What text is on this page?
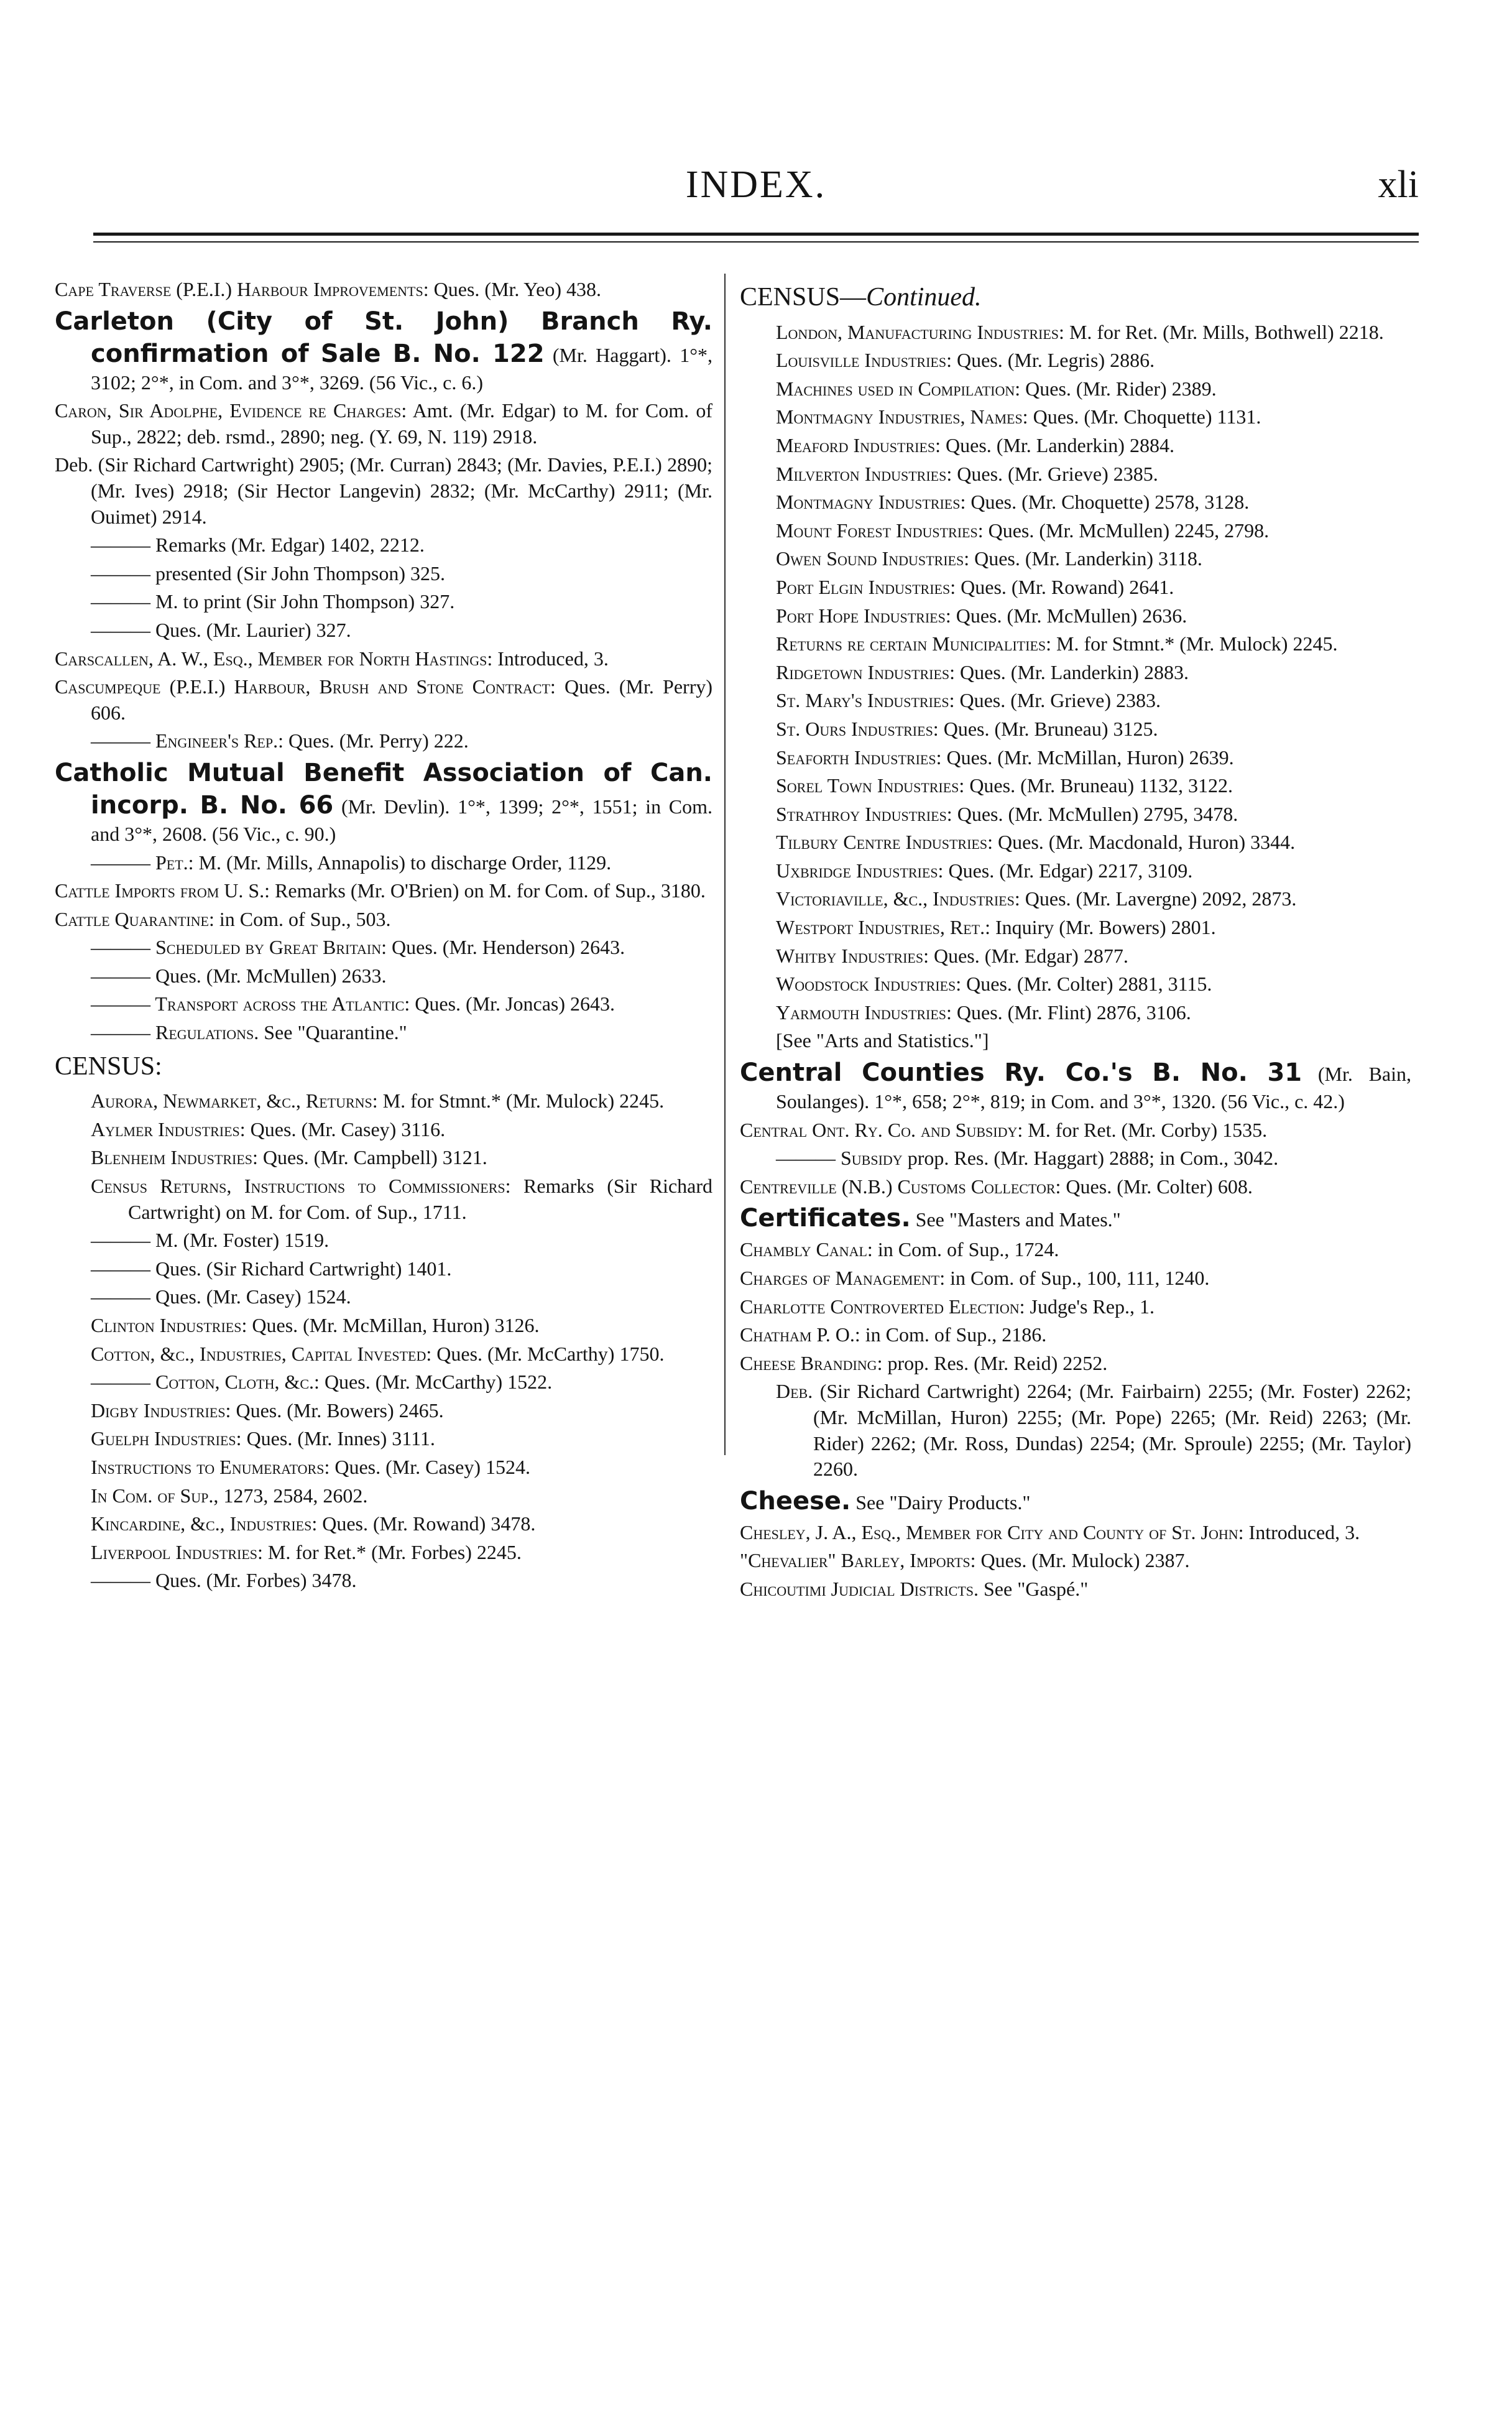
INDEX.	xli
Cape Traverse (P.E.I.) Harbour Improvements: Ques. (Mr. Yeo) 438.
Carleton (City of St. John) Branch Ry. confirmation of Sale B. No. 122 (Mr. Haggart). 1°*, 3102; 2°*, in Com. and 3°*, 3269. (56 Vic., c. 6.)
Caron, Sir Adolphe, Evidence re Charges: Amt. (Mr. Edgar) to M. for Com. of Sup., 2822; deb. rsmd., 2890; neg. (Y. 69, N. 119) 2918.
Deb. (Sir Richard Cartwright) 2905; (Mr. Curran) 2843; (Mr. Davies, P.E.I.) 2890; (Mr. Ives) 2918; (Sir Hector Langevin) 2832; (Mr. McCarthy) 2911; (Mr. Ouimet) 2914.
——— Remarks (Mr. Edgar) 1402, 2212.
——— presented (Sir John Thompson) 325.
——— M. to print (Sir John Thompson) 327.
——— Ques. (Mr. Laurier) 327.
Carscallen, A. W., Esq., Member for North Hastings: Introduced, 3.
Cascumpeque (P.E.I.) Harbour, Brush and Stone Contract: Ques. (Mr. Perry) 606.
——— Engineer's Rep.: Ques. (Mr. Perry) 222.
Catholic Mutual Benefit Association of Can. incorp. B. No. 66 (Mr. Devlin). 1°*, 1399; 2°*, 1551; in Com. and 3°*, 2608. (56 Vic., c. 90.)
——— Pet.: M. (Mr. Mills, Annapolis) to discharge Order, 1129.
Cattle Imports from U. S.: Remarks (Mr. O'Brien) on M. for Com. of Sup., 3180.
Cattle Quarantine: in Com. of Sup., 503.
——— Scheduled by Great Britain: Ques. (Mr. Henderson) 2643.
——— Ques. (Mr. McMullen) 2633.
——— Transport across the Atlantic: Ques. (Mr. Joncas) 2643.
——— Regulations. See "Quarantine."
CENSUS:
Aurora, Newmarket, &c., Returns: M. for Stmnt.* (Mr. Mulock) 2245.
Aylmer Industries: Ques. (Mr. Casey) 3116.
Blenheim Industries: Ques. (Mr. Campbell) 3121.
Census Returns, Instructions to Commissioners: Remarks (Sir Richard Cartwright) on M. for Com. of Sup., 1711.
——— M. (Mr. Foster) 1519.
——— Ques. (Sir Richard Cartwright) 1401.
——— Ques. (Mr. Casey) 1524.
Clinton Industries: Ques. (Mr. McMillan, Huron) 3126.
Cotton, &c., Industries, Capital Invested: Ques. (Mr. McCarthy) 1750.
——— Cotton, Cloth, &c.: Ques. (Mr. McCarthy) 1522.
Digby Industries: Ques. (Mr. Bowers) 2465.
Guelph Industries: Ques. (Mr. Innes) 3111.
Instructions to Enumerators: Ques. (Mr. Casey) 1524.
In Com. of Sup., 1273, 2584, 2602.
Kincardine, &c., Industries: Ques. (Mr. Rowand) 3478.
Liverpool Industries: M. for Ret.* (Mr. Forbes) 2245.
——— Ques. (Mr. Forbes) 3478.
CENSUS—Continued.
London, Manufacturing Industries: M. for Ret. (Mr. Mills, Bothwell) 2218.
Louisville Industries: Ques. (Mr. Legris) 2886.
Machines used in Compilation: Ques. (Mr. Rider) 2389.
Montmagny Industries, Names: Ques. (Mr. Choquette) 1131.
Meaford Industries: Ques. (Mr. Landerkin) 2884.
Milverton Industries: Ques. (Mr. Grieve) 2385.
Montmagny Industries: Ques. (Mr. Choquette) 2578, 3128.
Mount Forest Industries: Ques. (Mr. McMullen) 2245, 2798.
Owen Sound Industries: Ques. (Mr. Landerkin) 3118.
Port Elgin Industries: Ques. (Mr. Rowand) 2641.
Port Hope Industries: Ques. (Mr. McMullen) 2636.
Returns re certain Municipalities: M. for Stmnt.* (Mr. Mulock) 2245.
Ridgetown Industries: Ques. (Mr. Landerkin) 2883.
St. Mary's Industries: Ques. (Mr. Grieve) 2383.
St. Ours Industries: Ques. (Mr. Bruneau) 3125.
Seaforth Industries: Ques. (Mr. McMillan, Huron) 2639.
Sorel Town Industries: Ques. (Mr. Bruneau) 1132, 3122.
Strathroy Industries: Ques. (Mr. McMullen) 2795, 3478.
Tilbury Centre Industries: Ques. (Mr. Macdonald, Huron) 3344.
Uxbridge Industries: Ques. (Mr. Edgar) 2217, 3109.
Victoriaville, &c., Industries: Ques. (Mr. Lavergne) 2092, 2873.
Westport Industries, Ret.: Inquiry (Mr. Bowers) 2801.
Whitby Industries: Ques. (Mr. Edgar) 2877.
Woodstock Industries: Ques. (Mr. Colter) 2881, 3115.
Yarmouth Industries: Ques. (Mr. Flint) 2876, 3106.
[See "Arts and Statistics."]
Central Counties Ry. Co.'s B. No. 31 (Mr. Bain, Soulanges). 1°*, 658; 2°*, 819; in Com. and 3°*, 1320. (56 Vic., c. 42.)
Central Ont. Ry. Co. and Subsidy: M. for Ret. (Mr. Corby) 1535.
——— Subsidy prop. Res. (Mr. Haggart) 2888; in Com., 3042.
Centreville (N.B.) Customs Collector: Ques. (Mr. Colter) 608.
Certificates. See "Masters and Mates."
Chambly Canal: in Com. of Sup., 1724.
Charges of Management: in Com. of Sup., 100, 111, 1240.
Charlotte Controverted Election: Judge's Rep., 1.
Chatham P. O.: in Com. of Sup., 2186.
Cheese Branding: prop. Res. (Mr. Reid) 2252.
Deb. (Sir Richard Cartwright) 2264; (Mr. Fairbairn) 2255; (Mr. Foster) 2262; (Mr. McMillan, Huron) 2255; (Mr. Pope) 2265; (Mr. Reid) 2263; (Mr. Rider) 2262; (Mr. Ross, Dundas) 2254; (Mr. Sproule) 2255; (Mr. Taylor) 2260.
Cheese. See "Dairy Products."
Chesley, J. A., Esq., Member for City and County of St. John: Introduced, 3.
"Chevalier" Barley, Imports: Ques. (Mr. Mulock) 2387.
Chicoutimi Judicial Districts. See "Gaspé."
